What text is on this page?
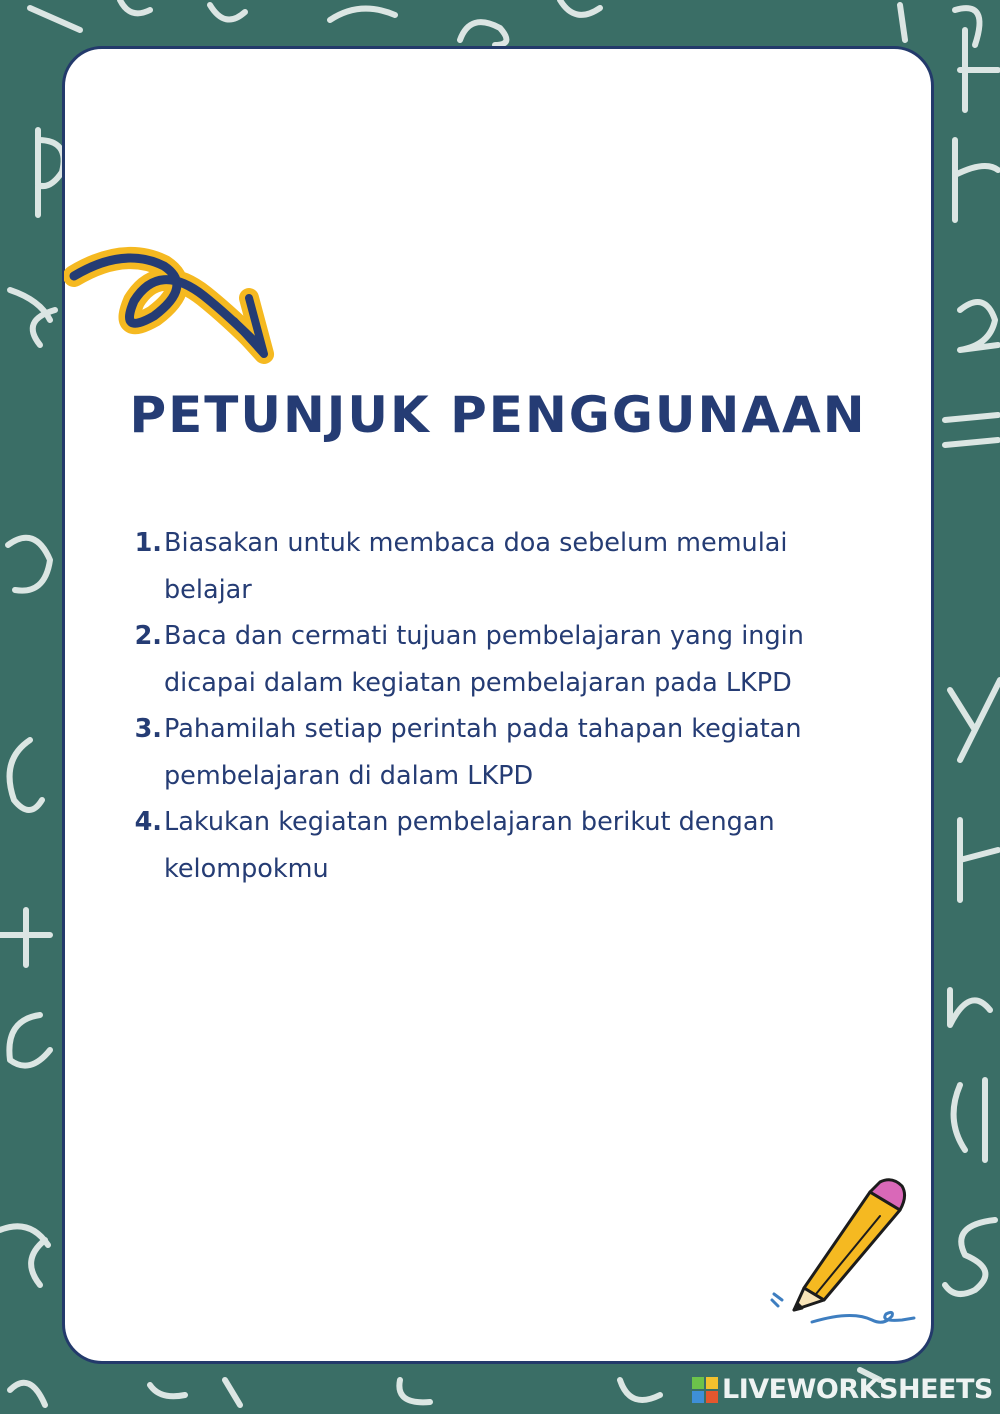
PETUNJUK PENGGUNAAN
1. Biasakan untuk membaca doa sebelum memulai
belajar
2. Baca dan cermati tujuan pembelajaran yang ingin
dicapai dalam kegiatan pembelajaran pada LKPD
3. Pahamilah setiap perintah pada tahapan kegiatan
pembelajaran di dalam LKPD
4. Lakukan kegiatan pembelajaran berikut dengan
kelompokmu
LIVEWORKSHEETS
